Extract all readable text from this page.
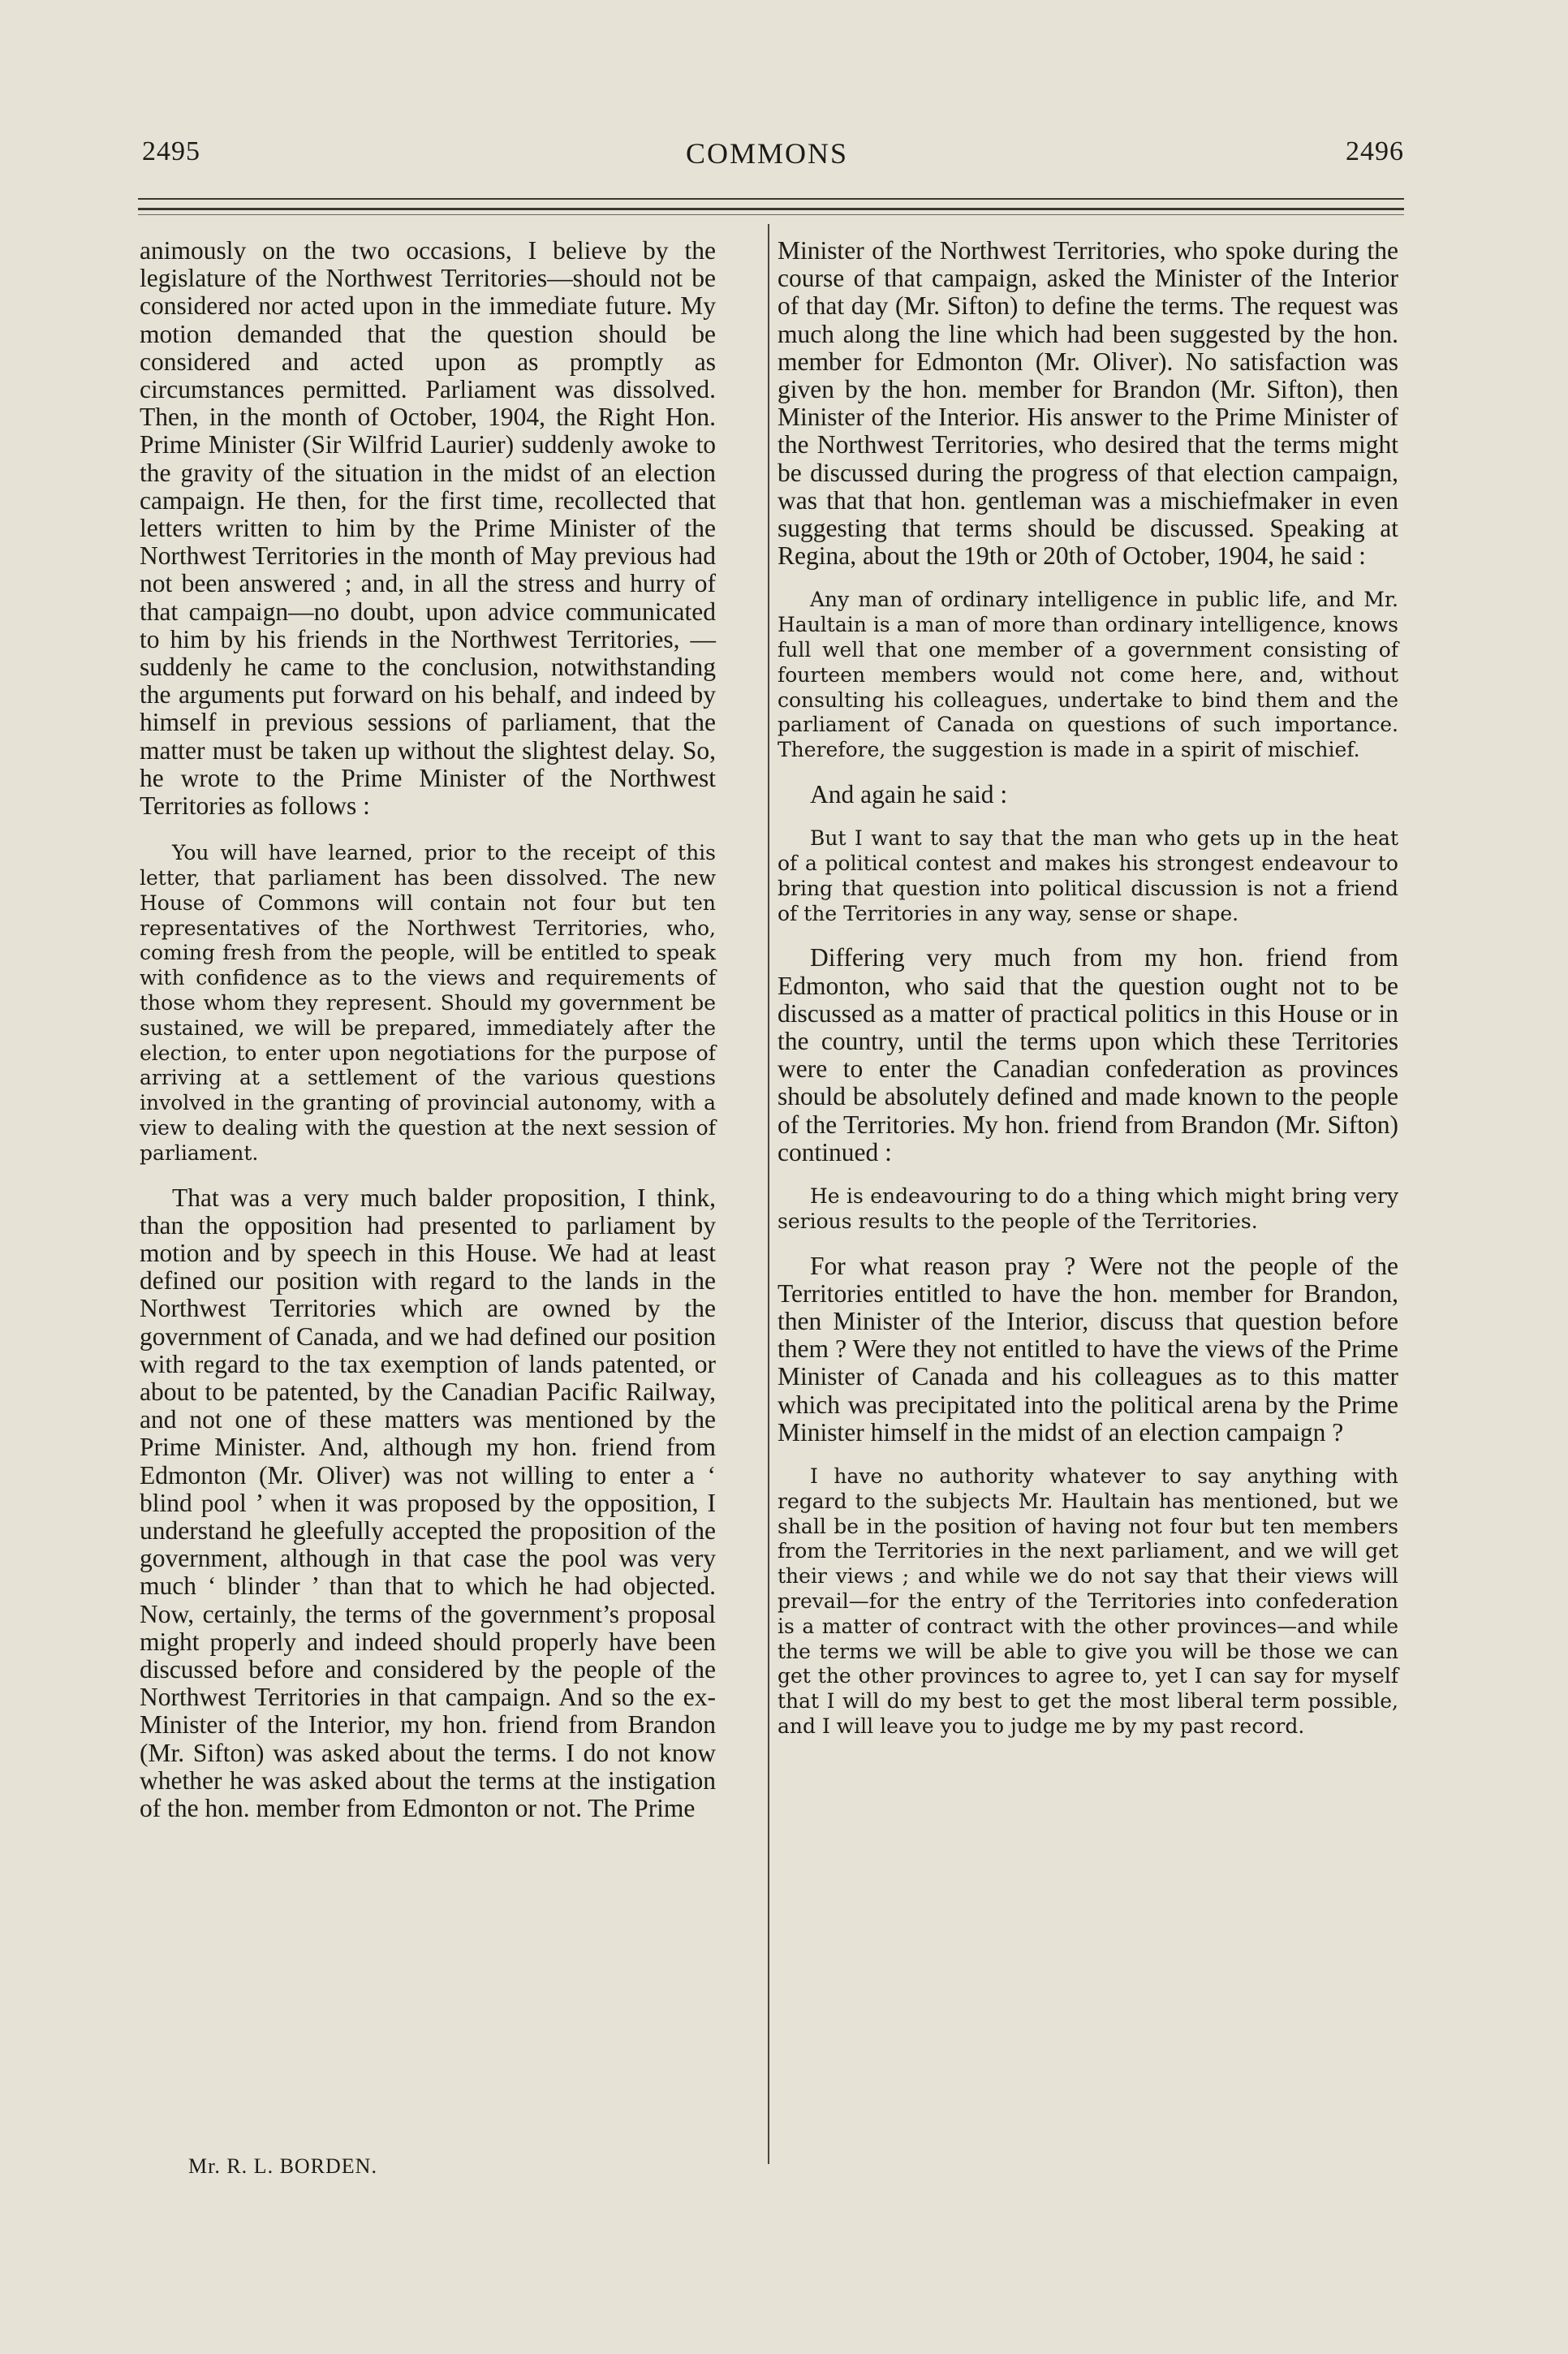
2495	COMMONS	2496

animously on the two occasions, I believe by the legislature of the Northwest Territories—should not be considered nor acted upon in the immediate future. My motion demanded that the question should be considered and acted upon as promptly as circumstances permitted. Parliament was dissolved. Then, in the month of October, 1904, the Right Hon. Prime Minister (Sir Wilfrid Laurier) suddenly awoke to the gravity of the situation in the midst of an election campaign. He then, for the first time, recollected that letters written to him by the Prime Minister of the Northwest Territories in the month of May previous had not been answered ; and, in all the stress and hurry of that campaign—no doubt, upon advice communicated to him by his friends in the Northwest Territories, —suddenly he came to the conclusion, notwithstanding the arguments put forward on his behalf, and indeed by himself in previous sessions of parliament, that the matter must be taken up without the slightest delay. So, he wrote to the Prime Minister of the Northwest Territories as follows :

You will have learned, prior to the receipt of this letter, that parliament has been dissolved. The new House of Commons will contain not four but ten representatives of the Northwest Territories, who, coming fresh from the people, will be entitled to speak with confidence as to the views and requirements of those whom they represent. Should my government be sustained, we will be prepared, immediately after the election, to enter upon negotiations for the purpose of arriving at a settlement of the various questions involved in the granting of provincial autonomy, with a view to dealing with the question at the next session of parliament.

That was a very much balder proposition, I think, than the opposition had presented to parliament by motion and by speech in this House. We had at least defined our position with regard to the lands in the Northwest Territories which are owned by the government of Canada, and we had defined our position with regard to the tax exemption of lands patented, or about to be patented, by the Canadian Pacific Railway, and not one of these matters was mentioned by the Prime Minister. And, although my hon. friend from Edmonton (Mr. Oliver) was not willing to enter a ‘ blind pool ’ when it was proposed by the opposition, I understand he gleefully accepted the proposition of the government, although in that case the pool was very much ‘ blinder ’ than that to which he had objected. Now, certainly, the terms of the government’s proposal might properly and indeed should properly have been discussed before and considered by the people of the Northwest Territories in that campaign. And so the ex-Minister of the Interior, my hon. friend from Brandon (Mr. Sifton) was asked about the terms. I do not know whether he was asked about the terms at the instigation of the hon. member from Edmonton or not. The Prime

Minister of the Northwest Territories, who spoke during the course of that campaign, asked the Minister of the Interior of that day (Mr. Sifton) to define the terms. The request was much along the line which had been suggested by the hon. member for Edmonton (Mr. Oliver). No satisfaction was given by the hon. member for Brandon (Mr. Sifton), then Minister of the Interior. His answer to the Prime Minister of the Northwest Territories, who desired that the terms might be discussed during the progress of that election campaign, was that that hon. gentleman was a mischiefmaker in even suggesting that terms should be discussed. Speaking at Regina, about the 19th or 20th of October, 1904, he said :

Any man of ordinary intelligence in public life, and Mr. Haultain is a man of more than ordinary intelligence, knows full well that one member of a government consisting of fourteen members would not come here, and, without consulting his colleagues, undertake to bind them and the parliament of Canada on questions of such importance. Therefore, the suggestion is made in a spirit of mischief.

And again he said :

But I want to say that the man who gets up in the heat of a political contest and makes his strongest endeavour to bring that question into political discussion is not a friend of the Territories in any way, sense or shape.

Differing very much from my hon. friend from Edmonton, who said that the question ought not to be discussed as a matter of practical politics in this House or in the country, until the terms upon which these Territories were to enter the Canadian confederation as provinces should be absolutely defined and made known to the people of the Territories. My hon. friend from Brandon (Mr. Sifton) continued :

He is endeavouring to do a thing which might bring very serious results to the people of the Territories.

For what reason pray ? Were not the people of the Territories entitled to have the hon. member for Brandon, then Minister of the Interior, discuss that question before them ? Were they not entitled to have the views of the Prime Minister of Canada and his colleagues as to this matter which was precipitated into the political arena by the Prime Minister himself in the midst of an election campaign ?

I have no authority whatever to say anything with regard to the subjects Mr. Haultain has mentioned, but we shall be in the position of having not four but ten members from the Territories in the next parliament, and we will get their views ; and while we do not say that their views will prevail—for the entry of the Territories into confederation is a matter of contract with the other provinces—and while the terms we will be able to give you will be those we can get the other provinces to agree to, yet I can say for myself that I will do my best to get the most liberal term possible, and I will leave you to judge me by my past record.

Mr. R. L. BORDEN.
